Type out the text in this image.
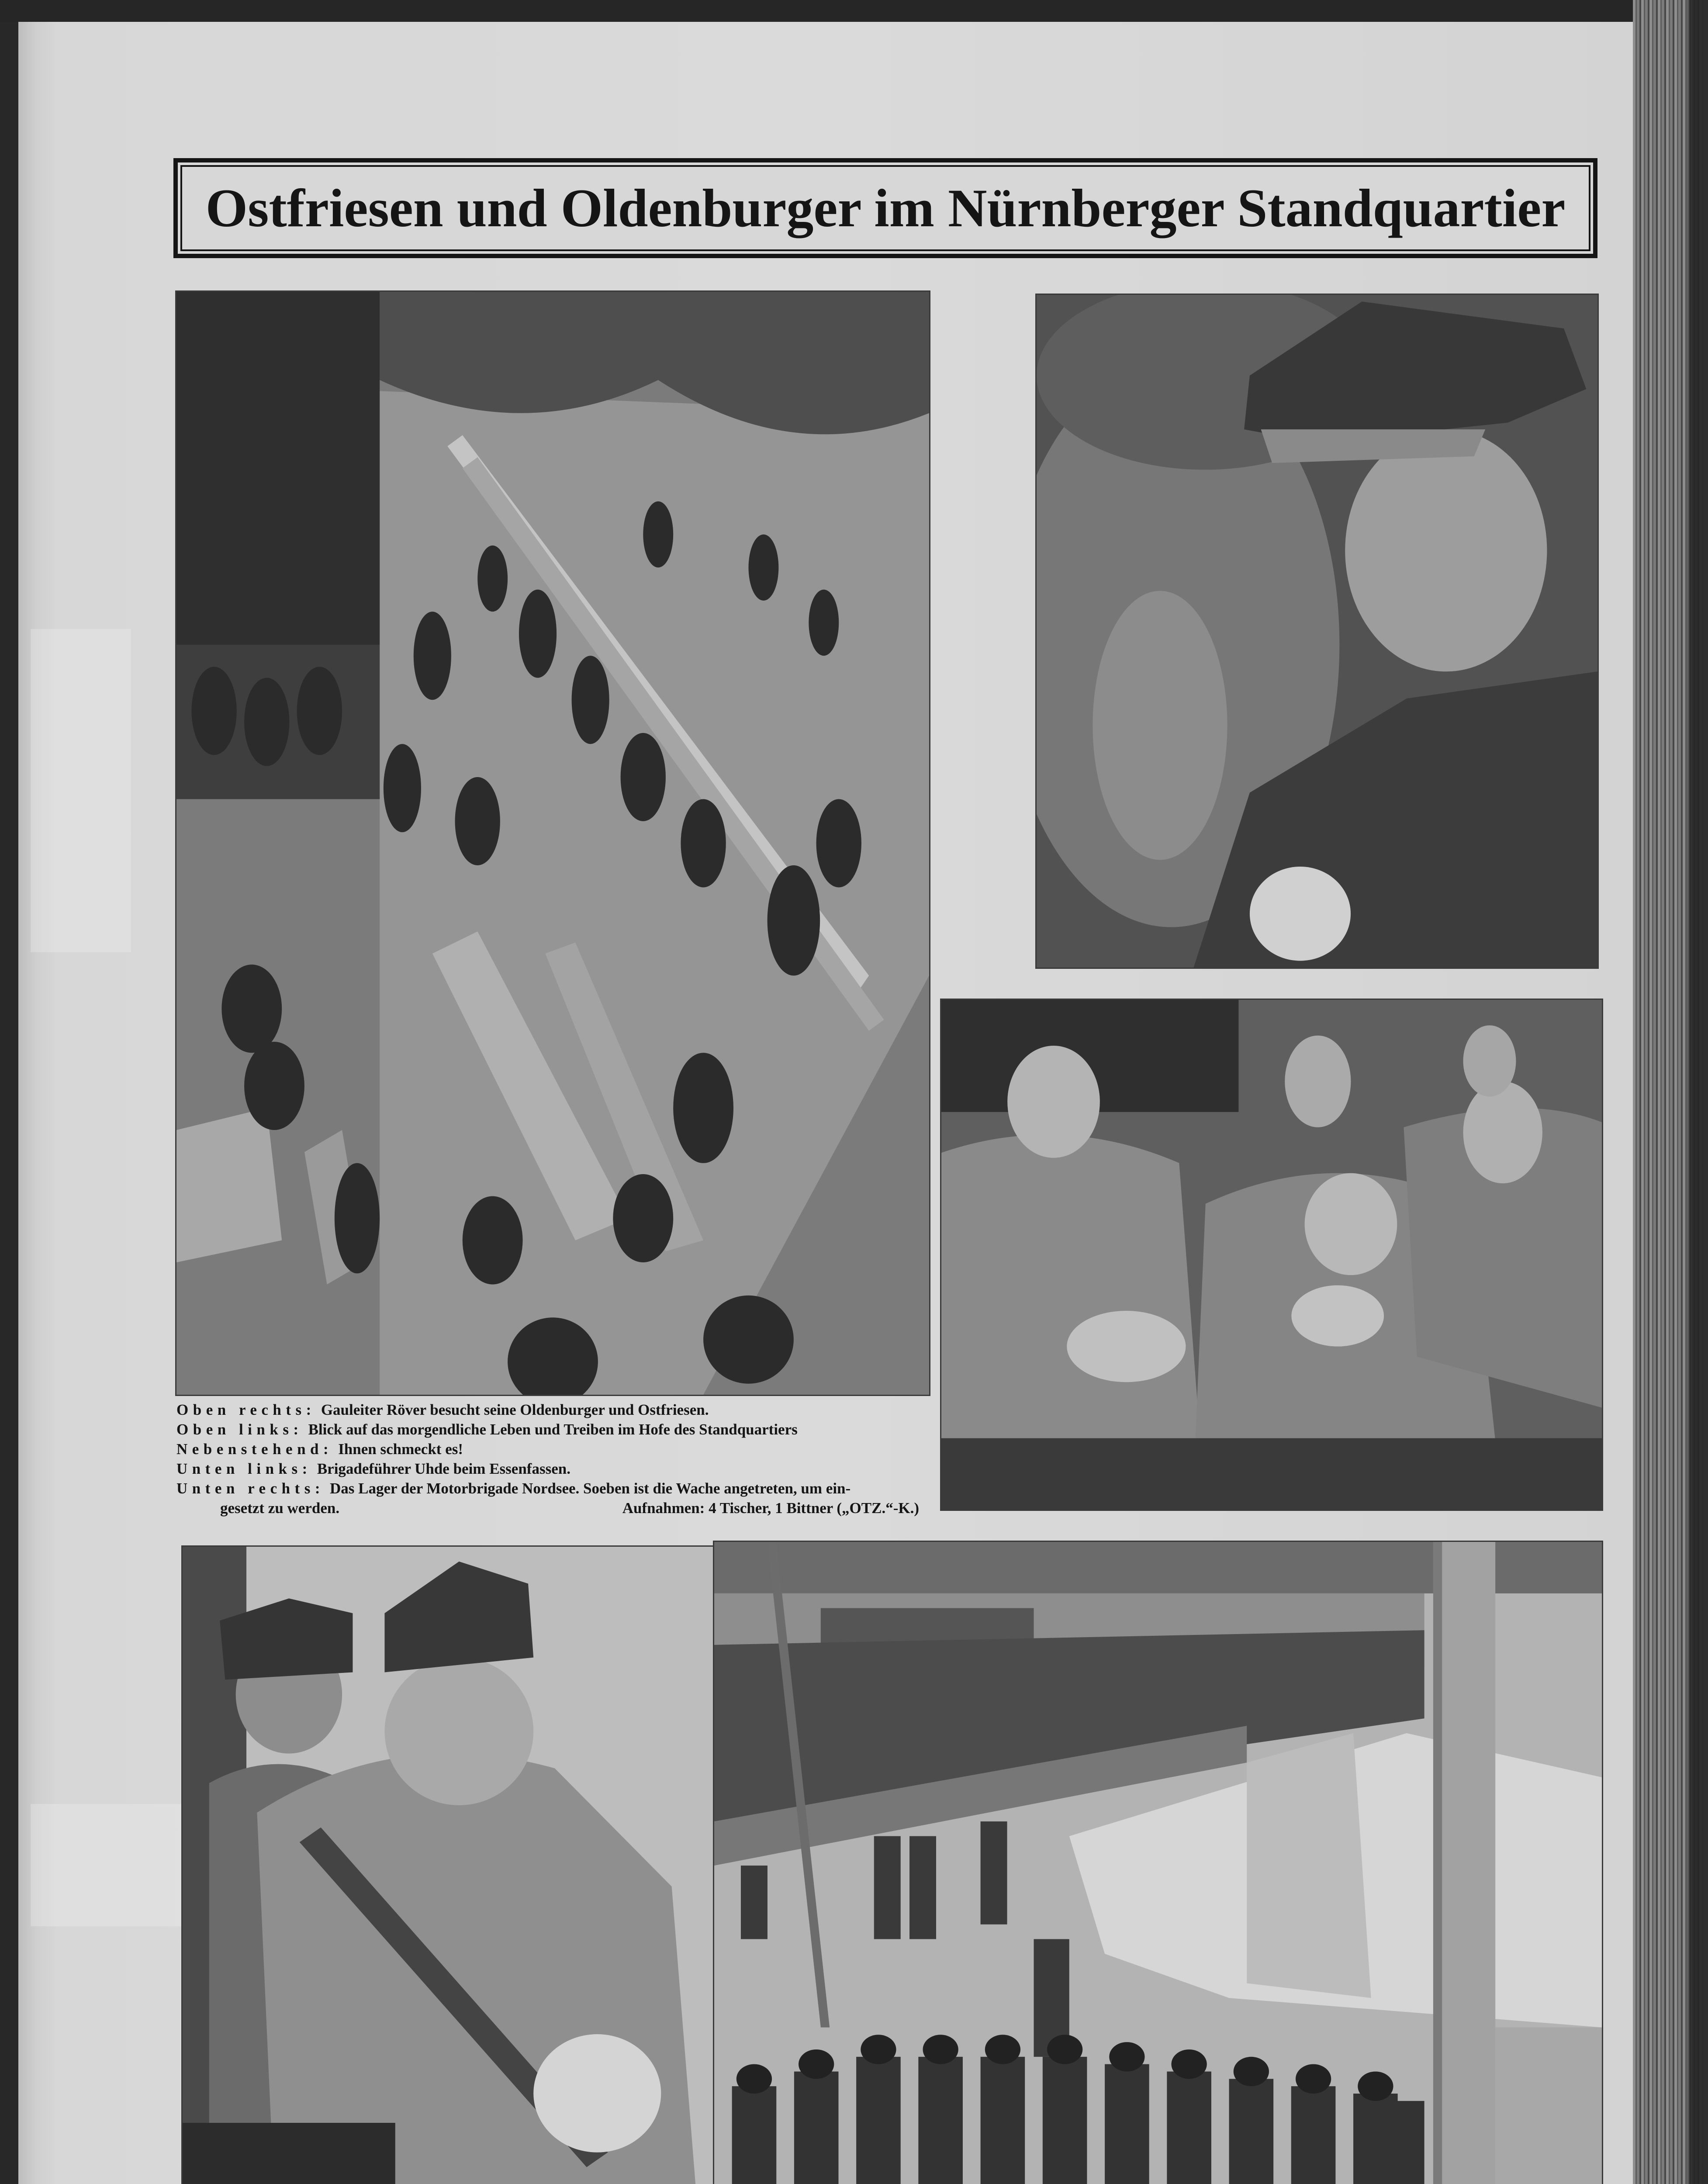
Ostfriesen und Oldenburger im Nürnberger Standquartier
Oben rechts: Gauleiter Röver besucht seine Oldenburger und Ostfriesen.
Oben links: Blick auf das morgendliche Leben und Treiben im Hofe des Standquartiers
Nebenstehend: Ihnen schmeckt es!
Unten links: Brigadeführer Uhde beim Essenfassen.
Unten rechts: Das Lager der Motorbrigade Nordsee. Soeben ist die Wache angetreten, um ein-
gesetzt zu werden.	Aufnahmen: 4 Tischer, 1 Bittner („OTZ.“-K.)
